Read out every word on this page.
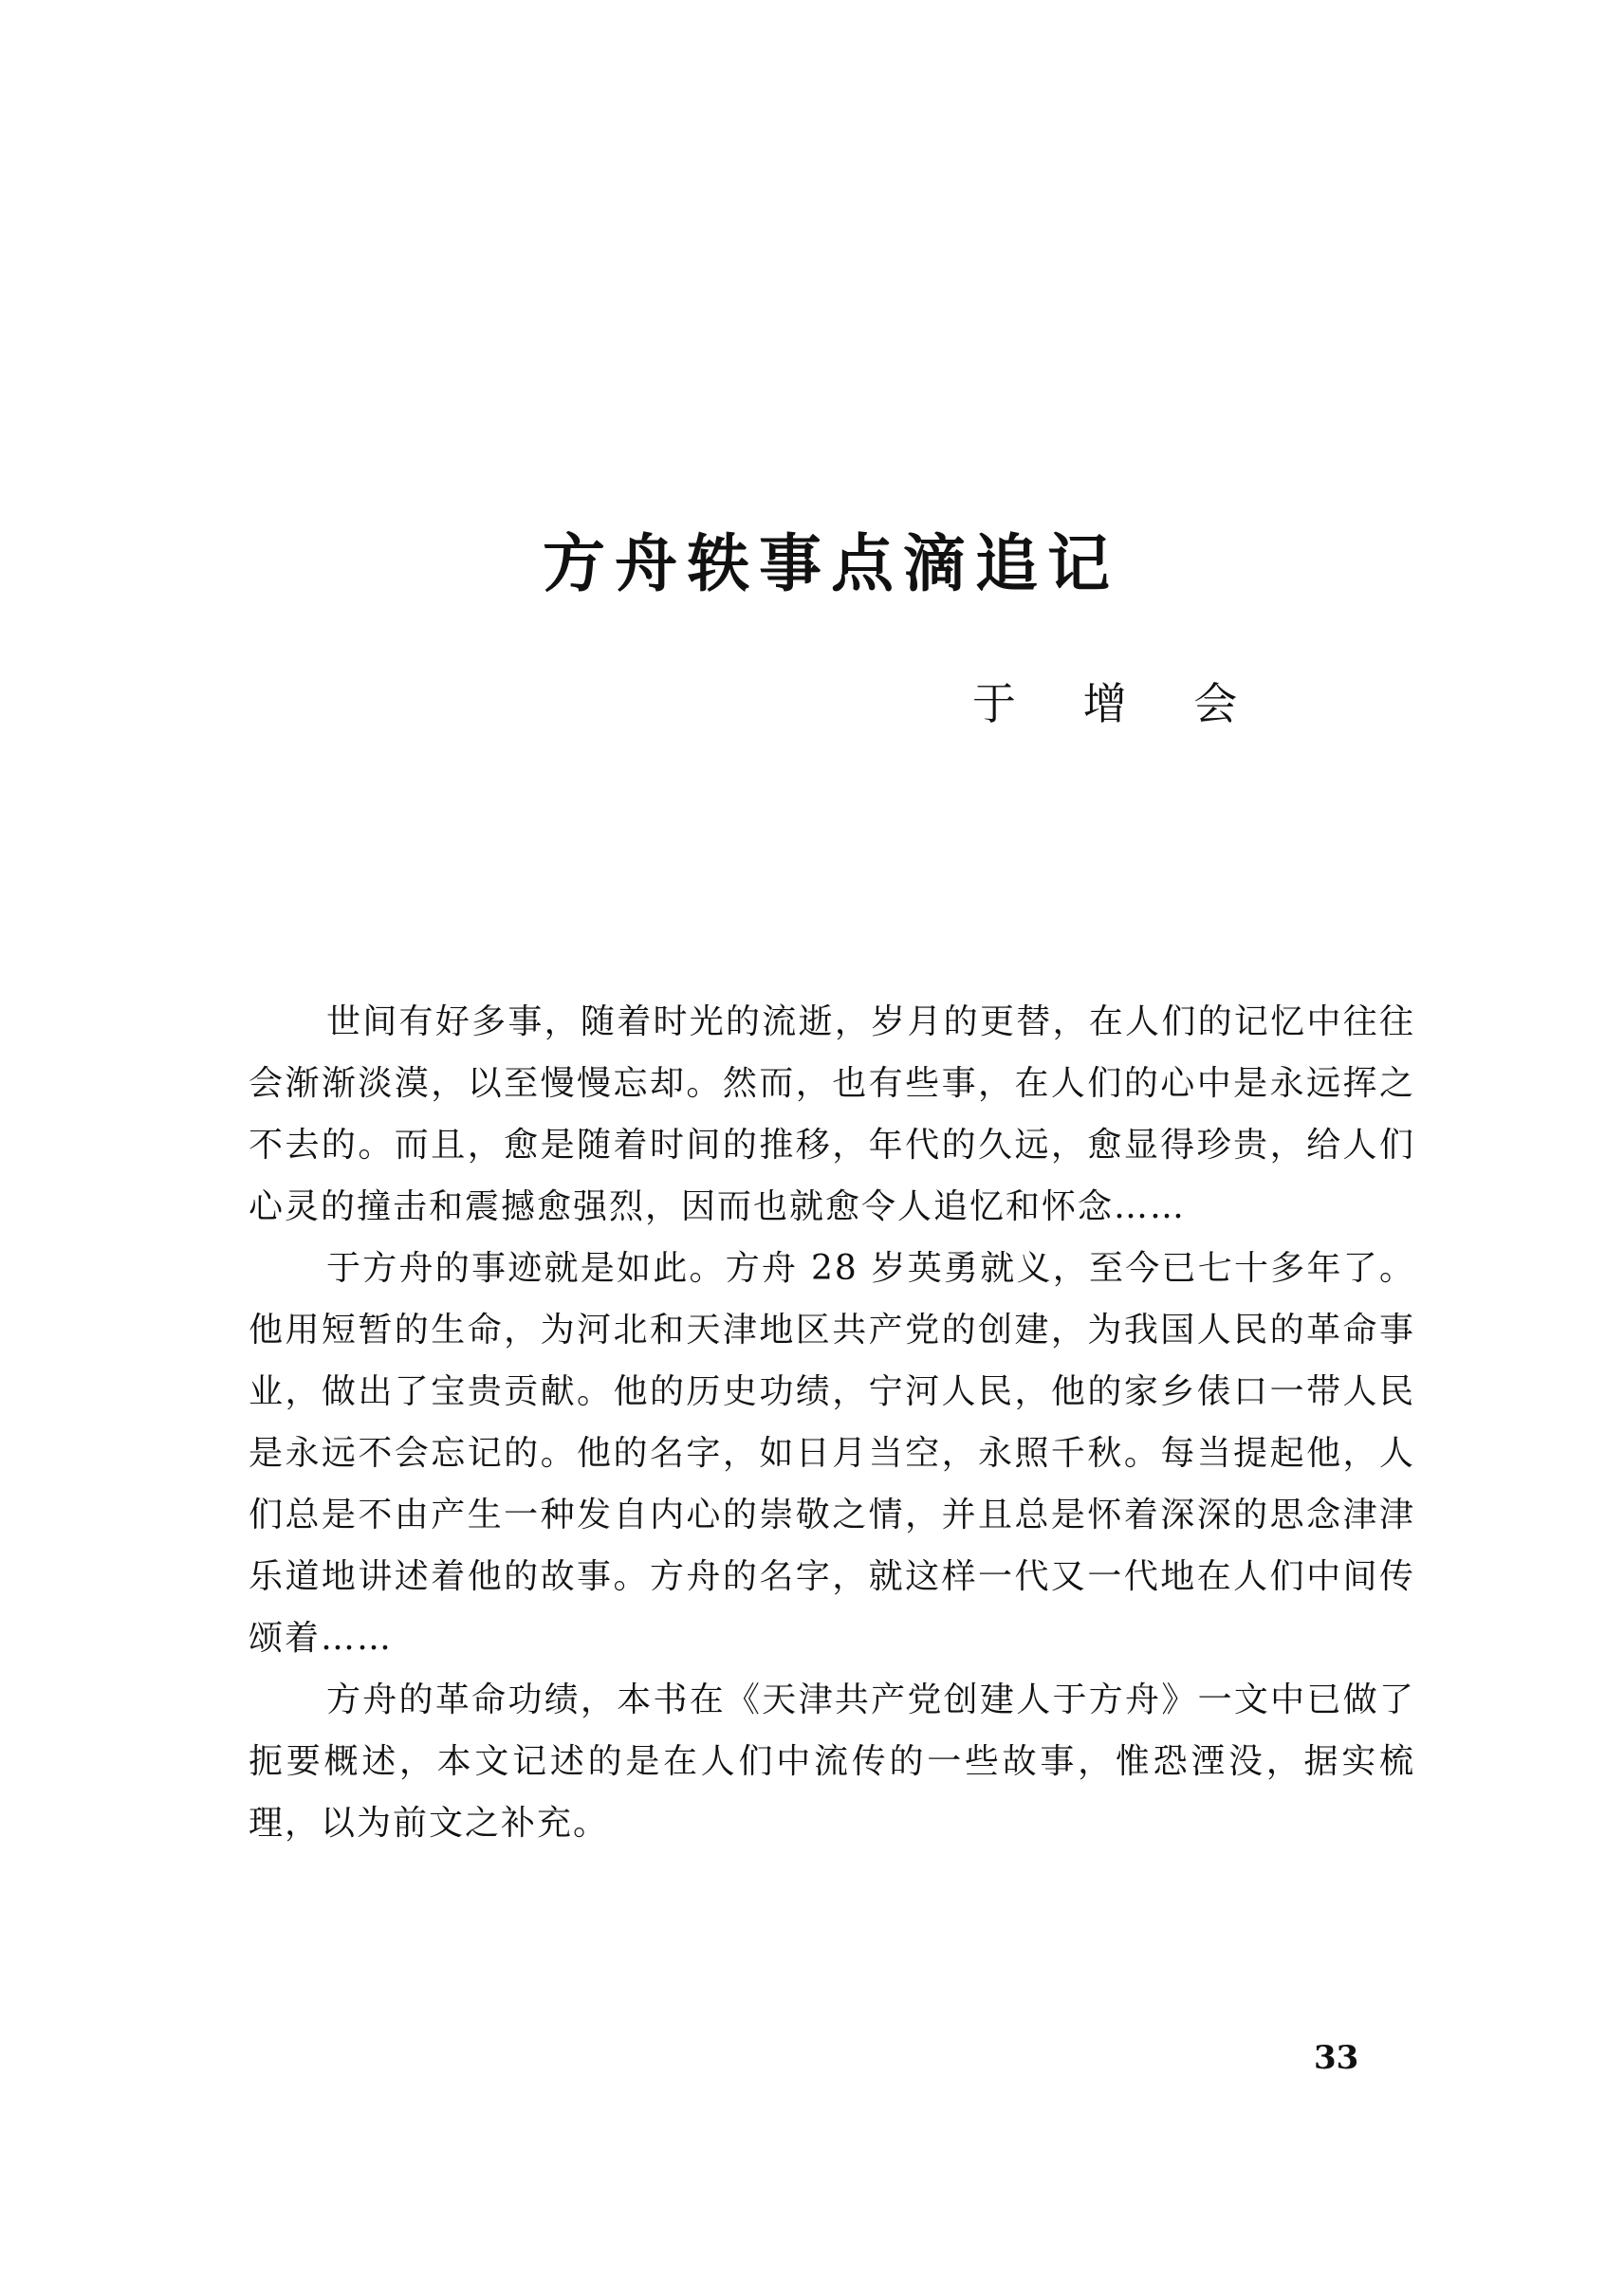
方舟轶事点滴追记
于 增 会

世间有好多事，随着时光的流逝，岁月的更替，在人们的记忆中往往会渐渐淡漠，以至慢慢忘却。然而，也有些事，在人们的心中是永远挥之不去的。而且，愈是随着时间的推移，年代的久远，愈显得珍贵，给人们心灵的撞击和震撼愈强烈，因而也就愈令人追忆和怀念……

于方舟的事迹就是如此。方舟 28 岁英勇就义，至今已七十多年了。他用短暂的生命，为河北和天津地区共产党的创建，为我国人民的革命事业，做出了宝贵贡献。他的历史功绩，宁河人民，他的家乡俵口一带人民是永远不会忘记的。他的名字，如日月当空，永照千秋。每当提起他，人们总是不由产生一种发自内心的崇敬之情，并且总是怀着深深的思念津津乐道地讲述着他的故事。方舟的名字，就这样一代又一代地在人们中间传颂着……

方舟的革命功绩，本书在《天津共产党创建人于方舟》一文中已做了扼要概述，本文记述的是在人们中流传的一些故事，惟恐湮没，据实梳理，以为前文之补充。

33
